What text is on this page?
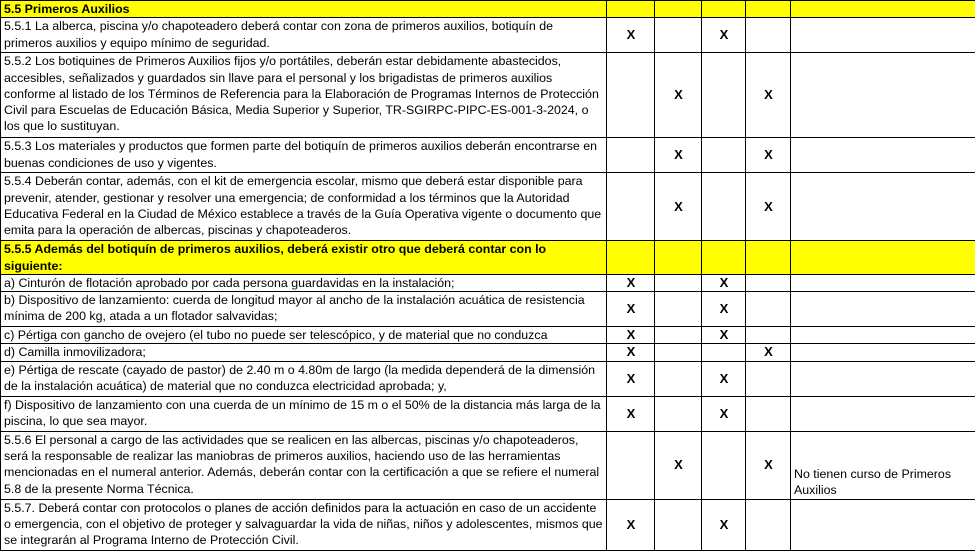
5.5 Primeros Auxilios					
5.5.1 La alberca, piscina y/o chapoteadero deberá contar con zona de primeros auxilios, botiquín de primeros auxilios y equipo mínimo de seguridad.	X		X		
5.5.2 Los botiquines de Primeros Auxilios fijos y/o portátiles, deberán estar debidamente abastecidos, accesibles, señalizados y guardados sin llave para el personal y los brigadistas de primeros auxilios conforme al listado de los Términos de Referencia para la Elaboración de Programas Internos de Protección Civil para Escuelas de Educación Básica, Media Superior y Superior, TR-SGIRPC-PIPC-ES-001-3-2024, o los que lo sustituyan.		X		X	
5.5.3 Los materiales y productos que formen parte del botiquín de primeros auxilios deberán encontrarse en buenas condiciones de uso y vigentes.		X		X	
5.5.4 Deberán contar, además, con el kit de emergencia escolar, mismo que deberá estar disponible para prevenir, atender, gestionar y resolver una emergencia; de conformidad a los términos que la Autoridad Educativa Federal en la Ciudad de México establece a través de la Guía Operativa vigente o documento que emita para la operación de albercas, piscinas y chapoteaderos.		X		X	
5.5.5 Además del botiquín de primeros auxilios, deberá existir otro que deberá contar con lo siguiente:					
a) Cinturón de flotación aprobado por cada persona guardavidas en la instalación;	X		X		
b) Dispositivo de lanzamiento: cuerda de longitud mayor al ancho de la instalación acuática de resistencia mínima de 200 kg, atada a un flotador salvavidas;	X		X		
c) Pértiga con gancho de ovejero (el tubo no puede ser telescópico, y de material que no conduzca	X		X		
d) Camilla inmovilizadora;	X			X	
e) Pértiga de rescate (cayado de pastor) de 2.40 m o 4.80m de largo (la medida dependerá de la dimensión de la instalación acuática) de material que no conduzca electricidad aprobada; y,	X		X		
f) Dispositivo de lanzamiento con una cuerda de un mínimo de 15 m o el 50% de la distancia más larga de la piscina, lo que sea mayor.	X		X		
5.5.6 El personal a cargo de las actividades que se realicen en las albercas, piscinas y/o chapoteaderos, será la responsable de realizar las maniobras de primeros auxilios, haciendo uso de las herramientas mencionadas en el numeral anterior. Además, deberán contar con la certificación a que se refiere el numeral 5.8 de la presente Norma Técnica.		X		X	No tienen curso de Primeros Auxilios
5.5.7. Deberá contar con protocolos o planes de acción definidos para la actuación en caso de un accidente o emergencia, con el objetivo de proteger y salvaguardar la vida de niñas, niños y adolescentes, mismos que se integrarán al Programa Interno de Protección Civil.	X		X		
